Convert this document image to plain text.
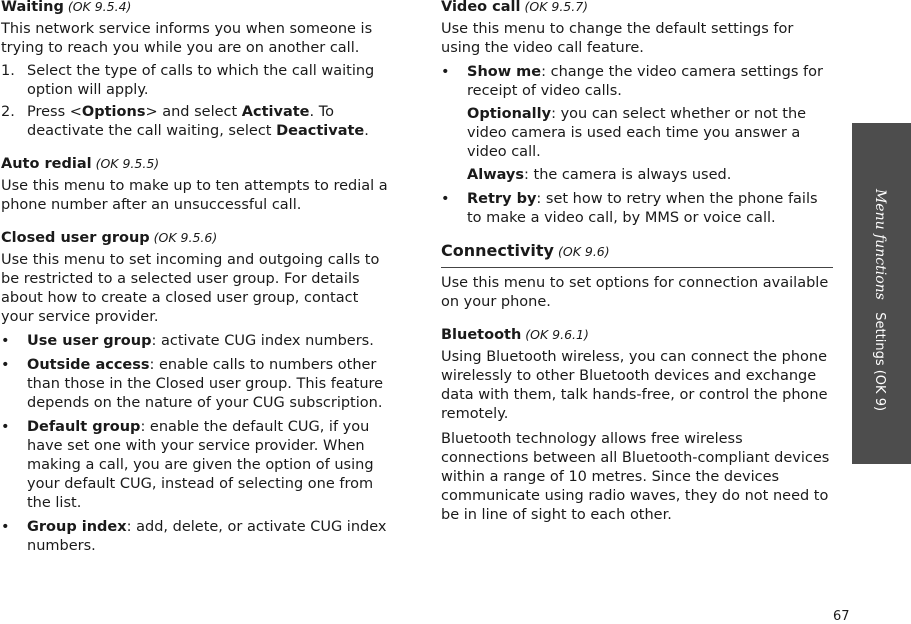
Waiting (OK 9.5.4)

This network service informs you when someone is trying to reach you while you are on another call.

1. Select the type of calls to which the call waiting option will apply.

2. Press <Options> and select Activate. To deactivate the call waiting, select Deactivate.

Auto redial (OK 9.5.5)

Use this menu to make up to ten attempts to redial a phone number after an unsuccessful call.

Closed user group (OK 9.5.6)

Use this menu to set incoming and outgoing calls to be restricted to a selected user group. For details about how to create a closed user group, contact your service provider.

• Use user group: activate CUG index numbers.

• Outside access: enable calls to numbers other than those in the Closed user group. This feature depends on the nature of your CUG subscription.

• Default group: enable the default CUG, if you have set one with your service provider. When making a call, you are given the option of using your default CUG, instead of selecting one from the list.

• Group index: add, delete, or activate CUG index numbers.

Video call (OK 9.5.7)

Use this menu to change the default settings for using the video call feature.

• Show me: change the video camera settings for receipt of video calls.

Optionally: you can select whether or not the video camera is used each time you answer a video call.

Always: the camera is always used.

• Retry by: set how to retry when the phone fails to make a video call, by MMS or voice call.

Connectivity (OK 9.6)

Use this menu to set options for connection available on your phone.

Bluetooth (OK 9.6.1)

Using Bluetooth wireless, you can connect the phone wirelessly to other Bluetooth devices and exchange data with them, talk hands-free, or control the phone remotely.

Bluetooth technology allows free wireless connections between all Bluetooth-compliant devices within a range of 10 metres. Since the devices communicate using radio waves, they do not need to be in line of sight to each other.

Menu functions   Settings (OK 9)
67
